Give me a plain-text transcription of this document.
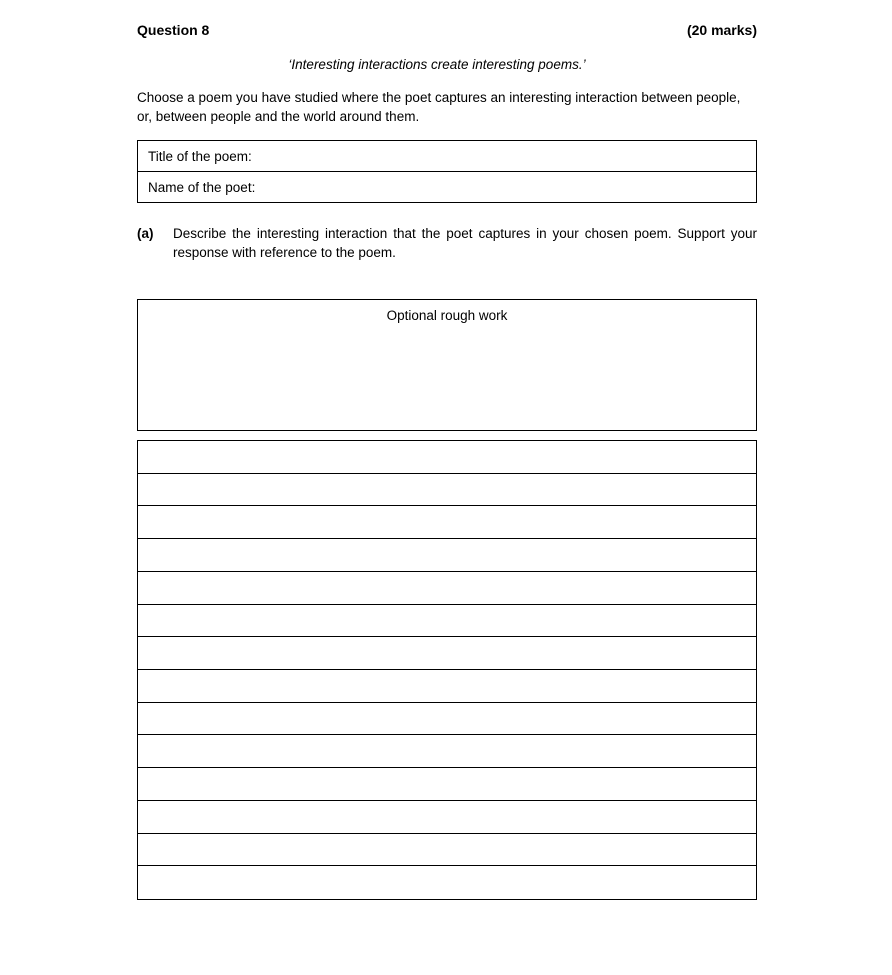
Question 8	(20 marks)
‘Interesting interactions create interesting poems.’
Choose a poem you have studied where the poet captures an interesting interaction between people, or, between people and the world around them.
Title of the poem:
Name of the poet:
(a) Describe the interesting interaction that the poet captures in your chosen poem. Support your response with reference to the poem.
Optional rough work
